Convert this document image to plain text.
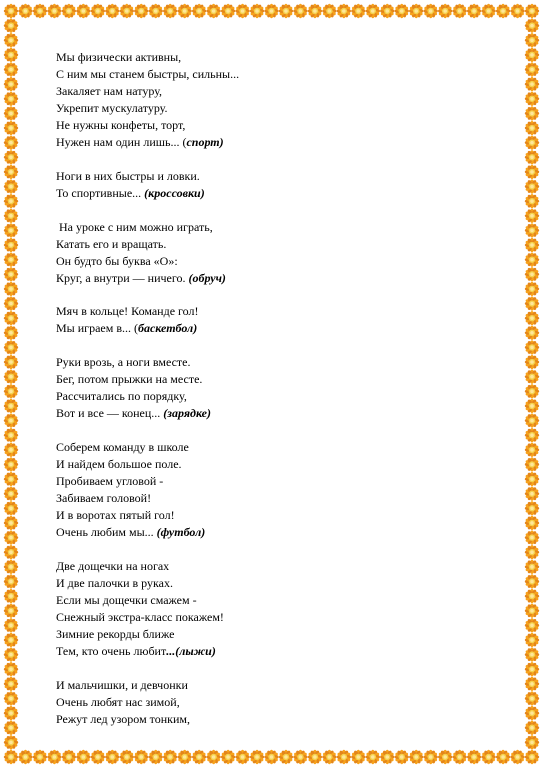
Мы физически активны,
С ним мы станем быстры, сильны...
Закаляет нам натуру,
Укрепит мускулатуру.
Не нужны конфеты, торт,
Нужен нам один лишь... (спорт)
Ноги в них быстры и ловки.
То спортивные... (кроссовки)
На уроке с ним можно играть,
Катать его и вращать.
Он будто бы буква «О»:
Круг, а внутри — ничего. (обруч)
Мяч в кольце! Команде гол!
Мы играем в... (баскетбол)
Руки врозь, а ноги вместе.
Бег, потом прыжки на месте.
Рассчитались по порядку,
Вот и все — конец... (зарядке)
Соберем команду в школе
И найдем большое поле.
Пробиваем угловой -
Забиваем головой!
И в воротах пятый гол!
Очень любим мы... (футбол)
Две дощечки на ногах
И две палочки в руках.
Если мы дощечки смажем -
Снежный экстра-класс покажем!
Зимние рекорды ближе
Тем, кто очень любит...(лыжи)
И мальчишки, и девчонки
Очень любят нас зимой,
Режут лед узором тонким,
